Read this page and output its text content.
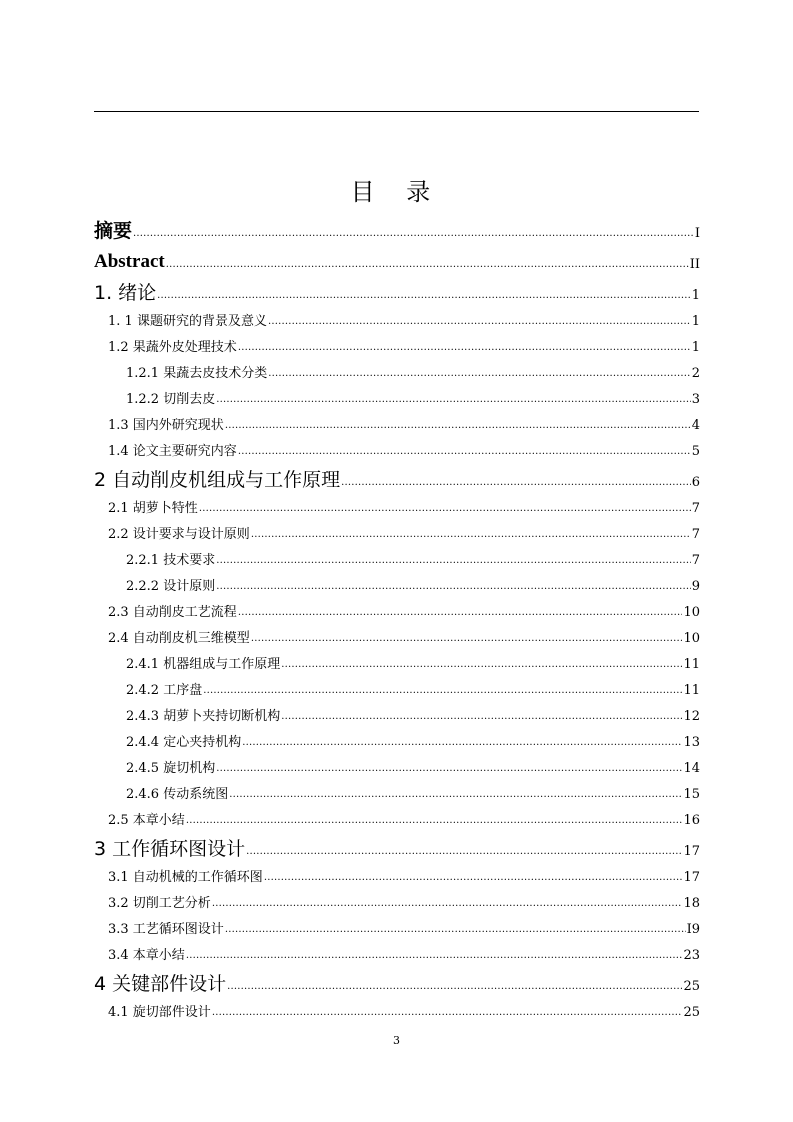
目 录
摘要 .....	I
Abstract .....	II
1. 绪论 .....	1
1. 1 课题研究的背景及意义 .....	1
1.2 果蔬外皮处理技术 .....	1
1.2.1 果蔬去皮技术分类 .....	2
1.2.2 切削去皮 .....	3
1.3 国内外研究现状 .....	4
1.4 论文主要研究内容 .....	5
2 自动削皮机组成与工作原理 .....	6
2.1 胡萝卜特性 .....	7
2.2 设计要求与设计原则 .....	7
2.2.1 技术要求 .....	7
2.2.2 设计原则 .....	9
2.3 自动削皮工艺流程 .....	10
2.4 自动削皮机三维模型 .....	10
2.4.1 机器组成与工作原理 .....	11
2.4.2 工序盘 .....	11
2.4.3 胡萝卜夹持切断机构 .....	12
2.4.4 定心夹持机构 .....	13
2.4.5 旋切机构 .....	14
2.4.6 传动系统图 .....	15
2.5 本章小结 .....	16
3 工作循环图设计 .....	17
3.1 自动机械的工作循环图 .....	17
3.2 切削工艺分析 .....	18
3.3 工艺循环图设计 .....	I9
3.4 本章小结 .....	23
4 关键部件设计 .....	25
4.1 旋切部件设计 .....	25
3
